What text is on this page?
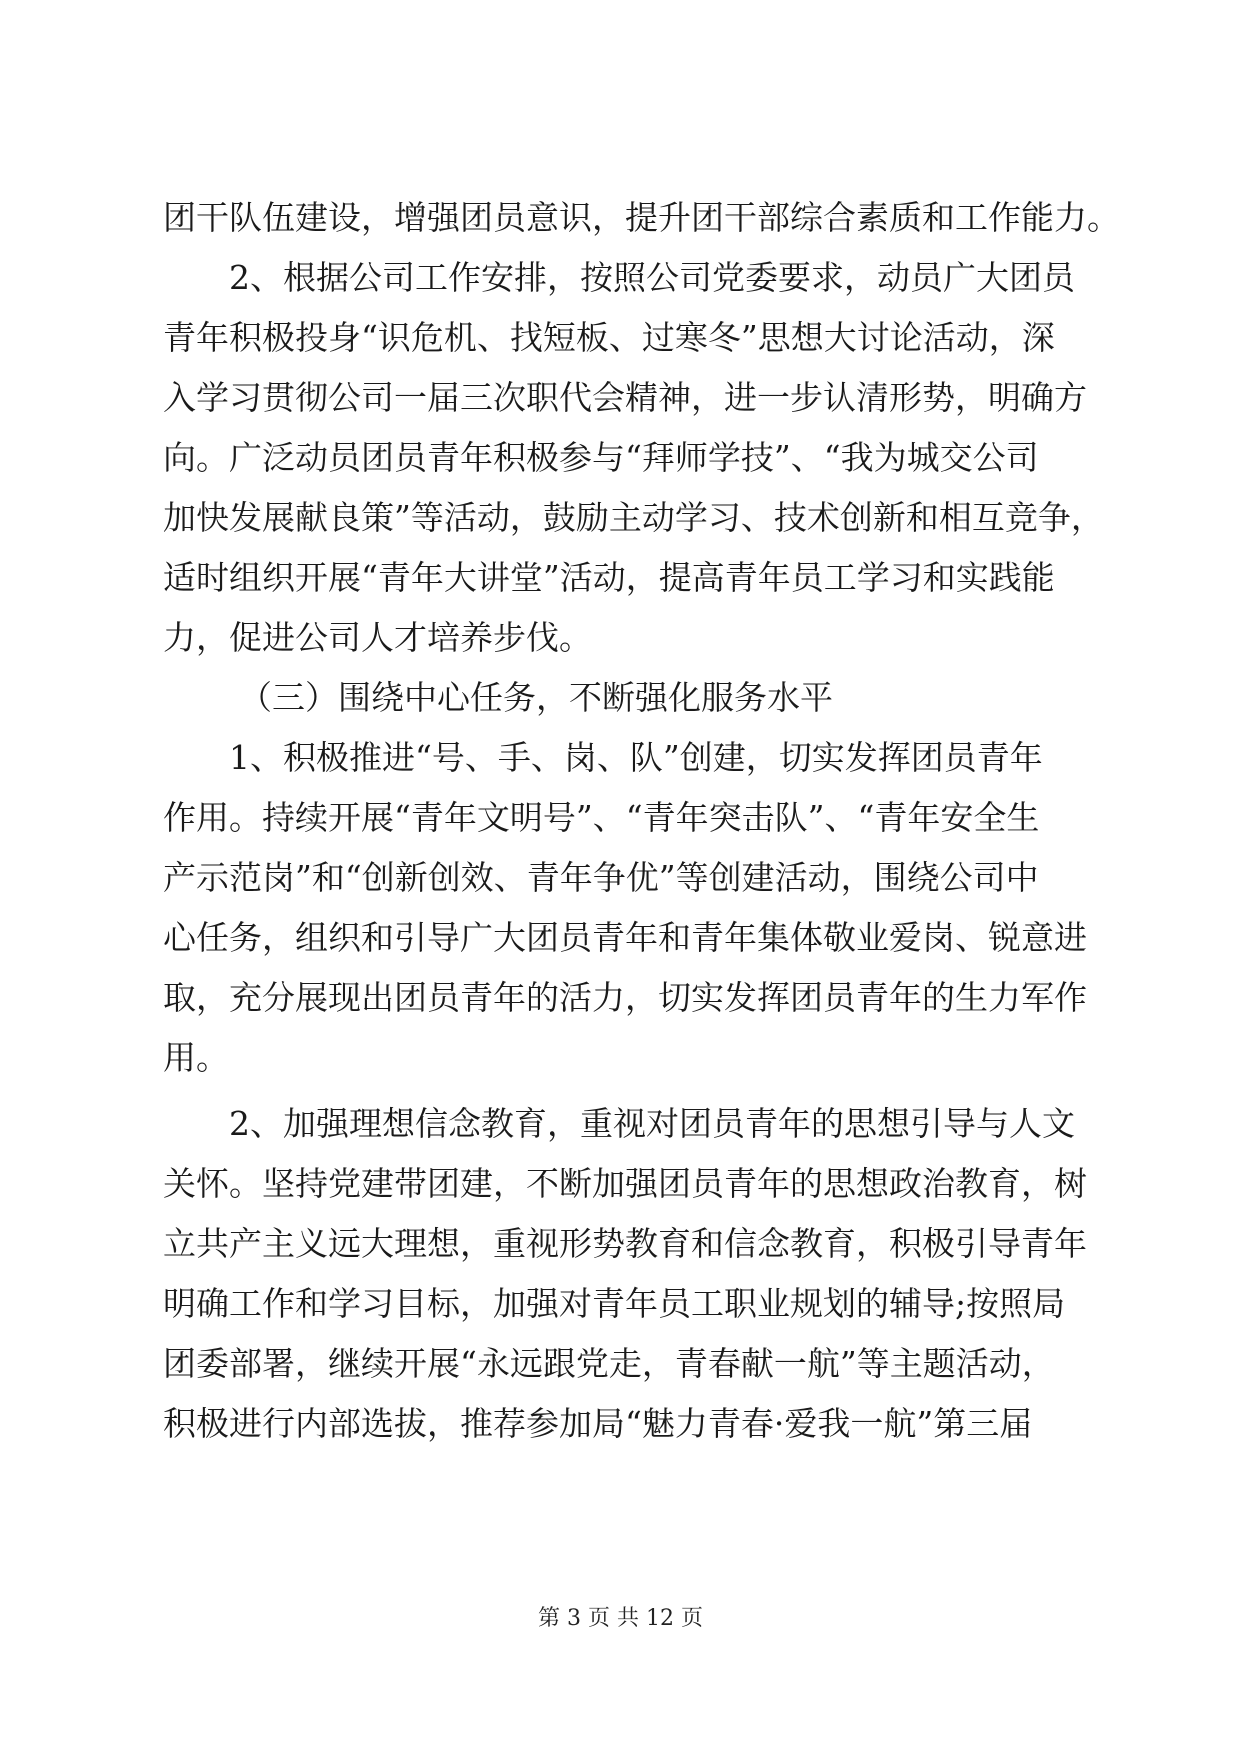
团干队伍建设，增强团员意识，提升团干部综合素质和工作能力。
2、根据公司工作安排，按照公司党委要求，动员广大团员
青年积极投身“识危机、找短板、过寒冬”思想大讨论活动，深
入学习贯彻公司一届三次职代会精神，进一步认清形势，明确方
向。广泛动员团员青年积极参与“拜师学技”、“我为城交公司
加快发展献良策”等活动，鼓励主动学习、技术创新和相互竞争，
适时组织开展“青年大讲堂”活动，提高青年员工学习和实践能
力，促进公司人才培养步伐。
（三）围绕中心任务，不断强化服务水平
1、积极推进“号、手、岗、队”创建，切实发挥团员青年
作用。持续开展“青年文明号”、“青年突击队”、“青年安全生
产示范岗”和“创新创效、青年争优”等创建活动，围绕公司中
心任务，组织和引导广大团员青年和青年集体敬业爱岗、锐意进
取，充分展现出团员青年的活力，切实发挥团员青年的生力军作
用。
2、加强理想信念教育，重视对团员青年的思想引导与人文
关怀。坚持党建带团建，不断加强团员青年的思想政治教育，树
立共产主义远大理想，重视形势教育和信念教育，积极引导青年
明确工作和学习目标，加强对青年员工职业规划的辅导;按照局
团委部署，继续开展“永远跟党走，青春献一航”等主题活动，
积极进行内部选拔，推荐参加局“魅力青春·爱我一航”第三届
第 3 页 共 12 页
